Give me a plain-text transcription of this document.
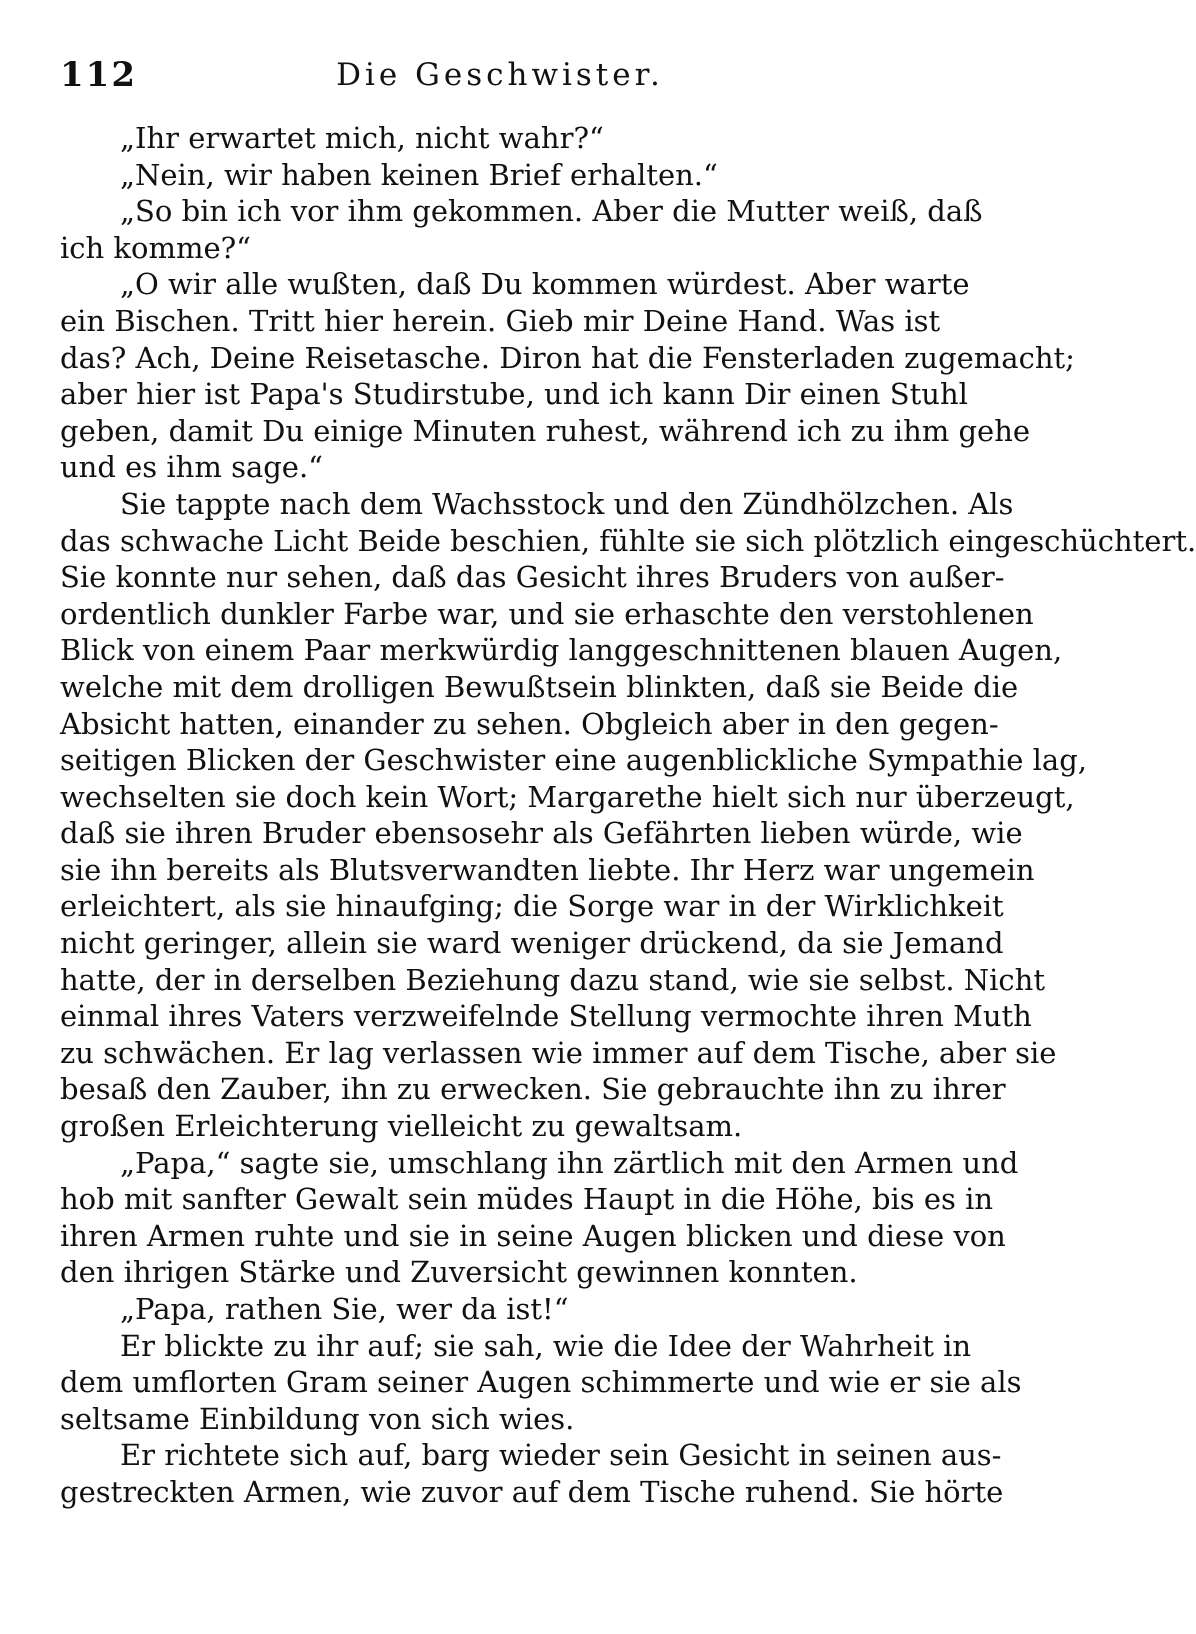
112	Die Geschwister.

„Ihr erwartet mich, nicht wahr?“

„Nein, wir haben keinen Brief erhalten.“

„So bin ich vor ihm gekommen. Aber die Mutter weiß, daß
ich komme?“

„O wir alle wußten, daß Du kommen würdest. Aber warte
ein Bischen. Tritt hier herein. Gieb mir Deine Hand. Was ist
das? Ach, Deine Reisetasche. Diron hat die Fensterladen zugemacht;
aber hier ist Papa's Studirstube, und ich kann Dir einen Stuhl
geben, damit Du einige Minuten ruhest, während ich zu ihm gehe
und es ihm sage.“

Sie tappte nach dem Wachsstock und den Zündhölzchen. Als
das schwache Licht Beide beschien, fühlte sie sich plötzlich eingeschüchtert.
Sie konnte nur sehen, daß das Gesicht ihres Bruders von außer-
ordentlich dunkler Farbe war, und sie erhaschte den verstohlenen
Blick von einem Paar merkwürdig langgeschnittenen blauen Augen,
welche mit dem drolligen Bewußtsein blinkten, daß sie Beide die
Absicht hatten, einander zu sehen. Obgleich aber in den gegen-
seitigen Blicken der Geschwister eine augenblickliche Sympathie lag,
wechselten sie doch kein Wort; Margarethe hielt sich nur überzeugt,
daß sie ihren Bruder ebensosehr als Gefährten lieben würde, wie
sie ihn bereits als Blutsverwandten liebte. Ihr Herz war ungemein
erleichtert, als sie hinaufging; die Sorge war in der Wirklichkeit
nicht geringer, allein sie ward weniger drückend, da sie Jemand
hatte, der in derselben Beziehung dazu stand, wie sie selbst. Nicht
einmal ihres Vaters verzweifelnde Stellung vermochte ihren Muth
zu schwächen. Er lag verlassen wie immer auf dem Tische, aber sie
besaß den Zauber, ihn zu erwecken. Sie gebrauchte ihn zu ihrer
großen Erleichterung vielleicht zu gewaltsam.

„Papa,“ sagte sie, umschlang ihn zärtlich mit den Armen und
hob mit sanfter Gewalt sein müdes Haupt in die Höhe, bis es in
ihren Armen ruhte und sie in seine Augen blicken und diese von
den ihrigen Stärke und Zuversicht gewinnen konnten.

„Papa, rathen Sie, wer da ist!“

Er blickte zu ihr auf; sie sah, wie die Idee der Wahrheit in
dem umflorten Gram seiner Augen schimmerte und wie er sie als
seltsame Einbildung von sich wies.

Er richtete sich auf, barg wieder sein Gesicht in seinen aus-
gestreckten Armen, wie zuvor auf dem Tische ruhend. Sie hörte
